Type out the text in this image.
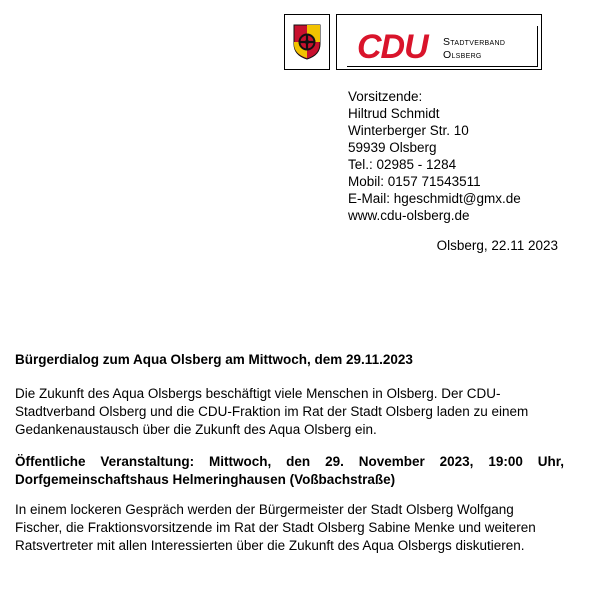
CDU Stadtverband
Olsberg
Vorsitzende:
Hiltrud Schmidt
Winterberger Str. 10
59939 Olsberg
Tel.: 02985 - 1284
Mobil: 0157 71543511
E-Mail: hgeschmidt@gmx.de
www.cdu-olsberg.de
Olsberg, 22.11 2023
Bürgerdialog zum Aqua Olsberg am Mittwoch, dem 29.11.2023
Die Zukunft des Aqua Olsbergs beschäftigt viele Menschen in Olsberg. Der CDU-Stadtverband Olsberg und die CDU-Fraktion im Rat der Stadt Olsberg laden zu einem Gedankenaustausch über die Zukunft des Aqua Olsberg ein.
Öffentliche Veranstaltung: Mittwoch, den 29. November 2023, 19:00 Uhr,
Dorfgemeinschaftshaus Helmeringhausen (Voßbachstraße)
In einem lockeren Gespräch werden der Bürgermeister der Stadt Olsberg Wolfgang Fischer, die Fraktionsvorsitzende im Rat der Stadt Olsberg Sabine Menke und weiteren Ratsvertreter mit allen Interessierten über die Zukunft des Aqua Olsbergs diskutieren.
